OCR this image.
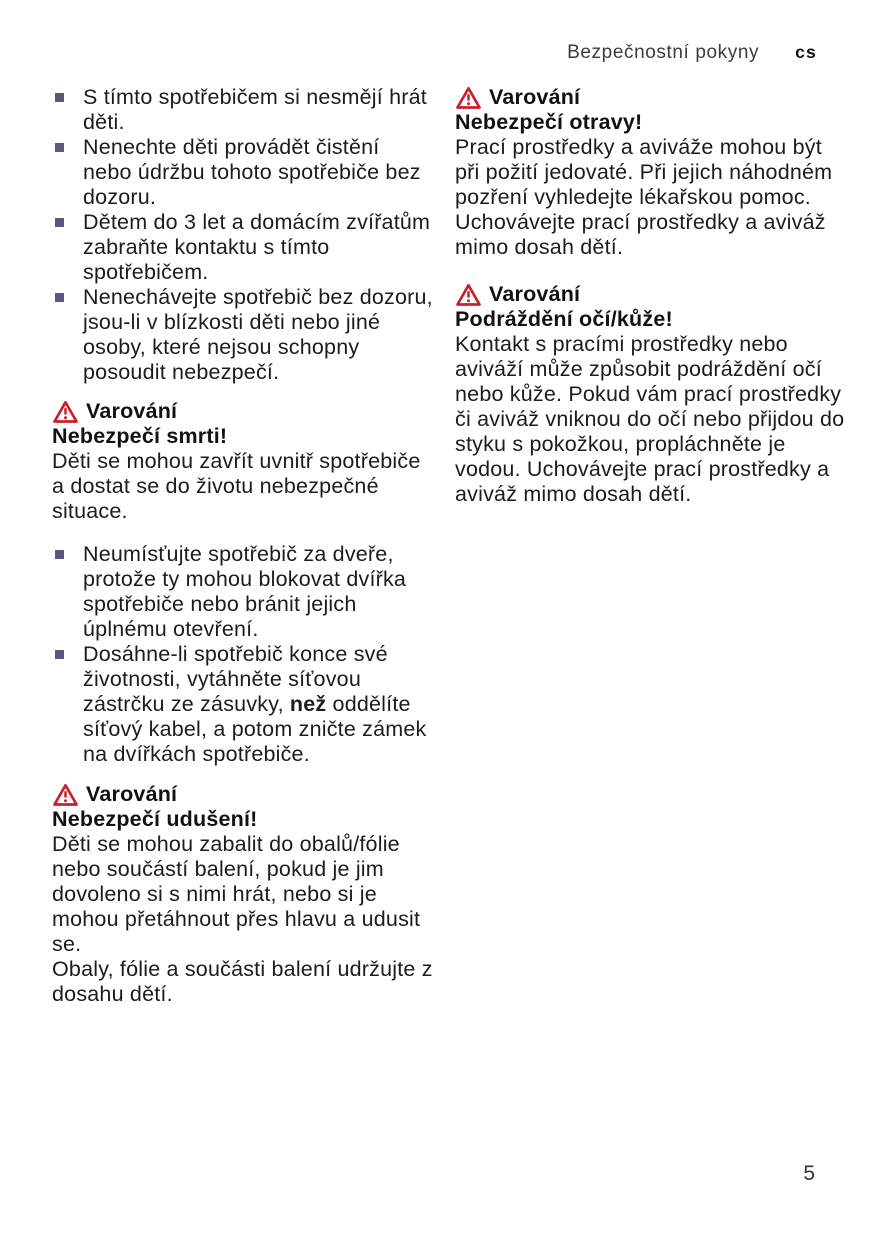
Bezpečnostní pokyny cs
S tímto spotřebičem si nesmějí hrát děti.
Nenechte děti provádět čistění nebo údržbu tohoto spotřebiče bez dozoru.
Dětem do 3 let a domácím zvířatům zabraňte kontaktu s tímto spotřebičem.
Nenechávejte spotřebič bez dozoru, jsou-li v blízkosti děti nebo jiné osoby, které nejsou schopny posoudit nebezpečí.
Varování

Nebezpečí smrti!

Děti se mohou zavřít uvnitř spotřebiče a dostat se do životu nebezpečné situace.

Neumísťujte spotřebič za dveře, protože ty mohou blokovat dvířka spotřebiče nebo bránit jejich úplnému otevření.
Dosáhne-li spotřebič konce své životnosti, vytáhněte síťovou zástrčku ze zásuvky, než oddělíte síťový kabel, a potom zničte zámek na dvířkách spotřebiče.
Varování

Nebezpečí udušení!

Děti se mohou zabalit do obalů/fólie nebo součástí balení, pokud je jim dovoleno si s nimi hrát, nebo si je mohou přetáhnout přes hlavu a udusit se.

Obaly, fólie a součásti balení udržujte z dosahu dětí.

Varování

Nebezpečí otravy!

Prací prostředky a aviváže mohou být při požití jedovaté. Při jejich náhodném pozření vyhledejte lékařskou pomoc. Uchovávejte prací prostředky a aviváž mimo dosah dětí.

Varování

Podráždění očí/kůže!

Kontakt s pracími prostředky nebo aviváží může způsobit podráždění očí nebo kůže. Pokud vám prací prostředky či aviváž vniknou do očí nebo přijdou do styku s pokožkou, propláchněte je vodou. Uchovávejte prací prostředky a aviváž mimo dosah dětí.

5
